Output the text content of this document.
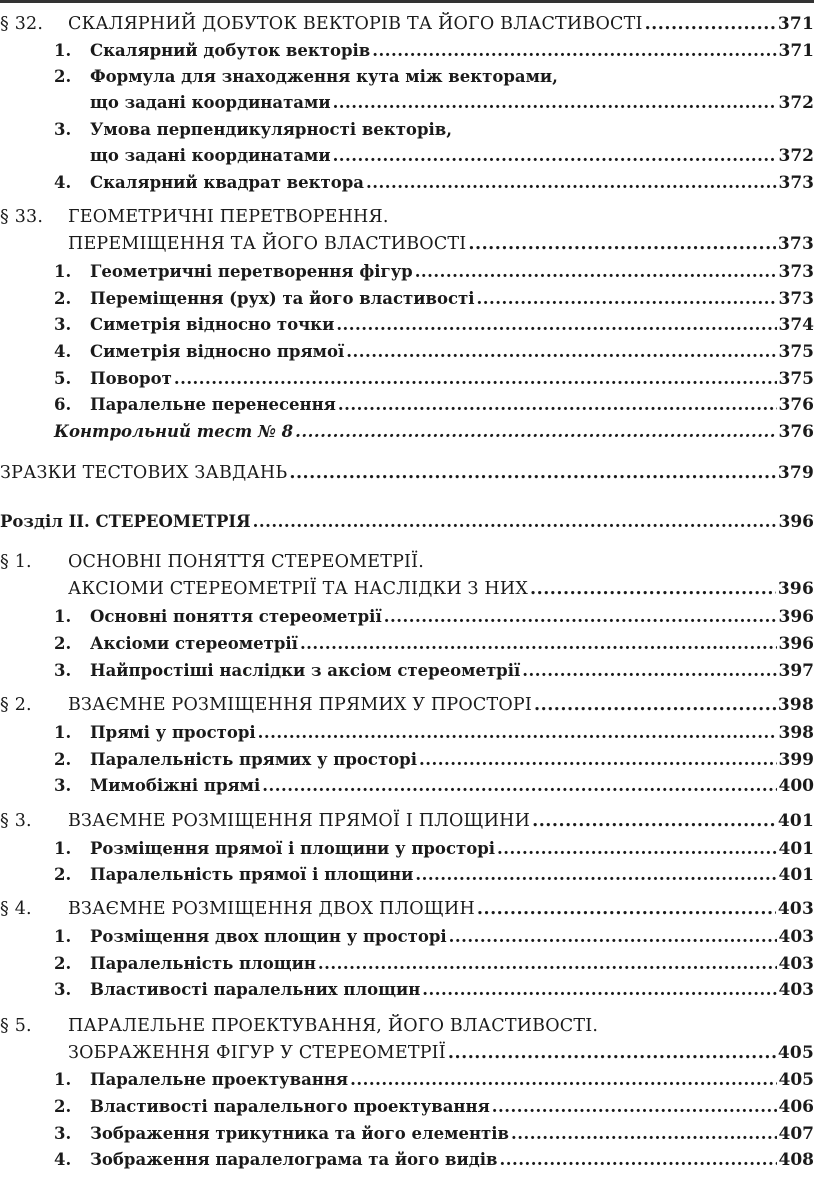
§ 32.	СКАЛЯРНИЙ ДОБУТОК ВЕКТОРІВ ТА ЙОГО ВЛАСТИВОСТІ .....	371
1.	Скалярний добуток векторів .....	371
2.	Формула для знаходження кута між векторами,
що задані координатами .....	372
3.	Умова перпендикулярності векторів,
що задані координатами .....	372
4.	Скалярний квадрат вектора .....	373
§ 33.	ГЕОМЕТРИЧНІ ПЕРЕТВОРЕННЯ.
ПЕРЕМІЩЕННЯ ТА ЙОГО ВЛАСТИВОСТІ .....	373
1.	Геометричні перетворення фігур .....	373
2.	Переміщення (рух) та його властивості .....	373
3.	Симетрія відносно точки .....	374
4.	Симетрія відносно прямої .....	375
5.	Поворот .....	375
6.	Паралельне перенесення .....	376
Контрольний тест № 8 .....	376
ЗРАЗКИ ТЕСТОВИХ ЗАВДАНЬ .....	379
Розділ ІІ. СТЕРЕОМЕТРІЯ .....	396
§ 1.	ОСНОВНІ ПОНЯТТЯ СТЕРЕОМЕТРІЇ.
АКСІОМИ СТЕРЕОМЕТРІЇ ТА НАСЛІДКИ З НИХ .....	396
1.	Основні поняття стереометрії .....	396
2.	Аксіоми стереометрії .....	396
3.	Найпростіші наслідки з аксіом стереометрії .....	397
§ 2.	ВЗАЄМНЕ РОЗМІЩЕННЯ ПРЯМИХ У ПРОСТОРІ .....	398
1.	Прямі у просторі .....	398
2.	Паралельність прямих у просторі .....	399
3.	Мимобіжні прямі .....	400
§ 3.	ВЗАЄМНЕ РОЗМІЩЕННЯ ПРЯМОЇ І ПЛОЩИНИ .....	401
1.	Розміщення прямої і площини у просторі .....	401
2.	Паралельність прямої і площини .....	401
§ 4.	ВЗАЄМНЕ РОЗМІЩЕННЯ ДВОХ ПЛОЩИН .....	403
1.	Розміщення двох площин у просторі .....	403
2.	Паралельність площин .....	403
3.	Властивості паралельних площин .....	403
§ 5.	ПАРАЛЕЛЬНЕ ПРОЕКТУВАННЯ, ЙОГО ВЛАСТИВОСТІ.
ЗОБРАЖЕННЯ ФІГУР У СТЕРЕОМЕТРІЇ .....	405
1.	Паралельне проектування .....	405
2.	Властивості паралельного проектування .....	406
3.	Зображення трикутника та його елементів .....	407
4.	Зображення паралелограма та його видів .....	408
